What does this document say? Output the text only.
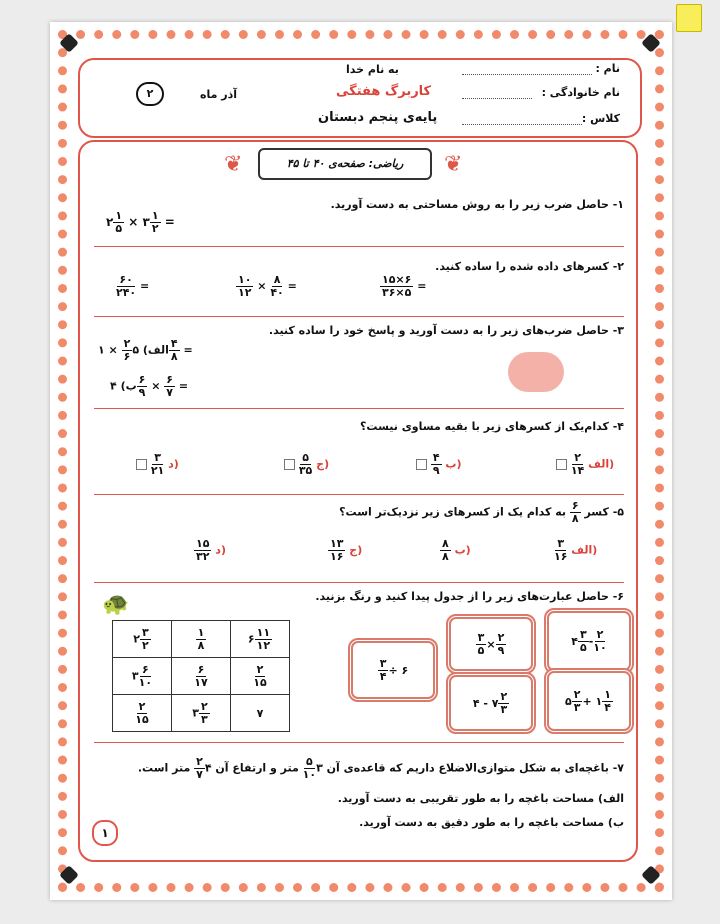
به نام خدا
کاربرگ هفتگی
پایه‌ی پنجم دبستان
آذر ماه
۲
نام :
نام خانوادگی :
کلاس :
ریاضی: صفحه‌ی ۴۰ تا ۴۵
❦	❦
۱- حاصل ضرب زیر را به روش مساحتی به دست آورید.
۲ $\frac{۱}{۵}$ × ۳ $\frac{۱}{۲}$ =
۲- کسرهای داده شده را ساده کنید.
$\frac{۱۵\times ۶}{۳۶\times ۵}$ =
$\frac{۱۰}{۱۲} \times \frac{۸}{۴۰}$ =
$\frac{۶۰}{۲۴۰}$ =
۳- حاصل ضرب‌های زیر را به دست آورید و پاسخ خود را ساده کنید.
الف) ۵
$\frac{۲}{۶}$
× ۱	$\frac{۴}{۸}$ =
ب) ۴ $\frac{۶}{۹} \times \frac{۶}{۷}$ =
۴- کدام‌یک از کسرهای زیر با بقیه مساوی نیست؟

$\frac{۲}{۱۴}$ الف)

$\frac{۴}{۹}$ ب)

$\frac{۵}{۳۵}$ ج)

$\frac{۳}{۲۱}$ د)
۵- کسر
$\frac{۶}{۸}$
به کدام یک از کسرهای زیر نزدیک‌تر است؟
$\frac{۳}{۱۶}$ الف)
$\frac{۸}{۸}$ ب)
$\frac{۱۳}{۱۶}$ ج)
$\frac{۱۵}{۳۲}$ د)
۶- حاصل عبارت‌های زیر را از جدول پیدا کنید و رنگ بزنید.
🐢
۲ $\frac{۳}{۲}$	$\frac{۱}{۸}$	۶ $\frac{۱۱}{۱۲}$

۳ $\frac{۶}{۱۰}$	$\frac{۶}{۱۷}$	$\frac{۲}{۱۵}$

$\frac{۲}{۱۵}$	۳ $\frac{۲}{۳}$	۷
۴ $\frac{۳}{۵} - \frac{۲}{۱۰}$
$\frac{۳}{۵} \times \frac{۲}{۹}$
$\frac{۳}{۴}$ ÷ ۶
۵ $\frac{۲}{۳}$ + ۱ $\frac{۱}{۴}$
۴ - ۷ $\frac{۲}{۳}$
۷- باغچه‌ای به شکل متوازی‌الاضلاع داریم که قاعده‌ی آن ۳
$\frac{۵}{۱۰}$
متر و ارتفاع آن ۴
$\frac{۲}{۷}$
متر است.
الف) مساحت باغچه را به طور تقریبی به دست آورید.
ب) مساحت باغچه را به طور دقیق به دست آورید.
۱
